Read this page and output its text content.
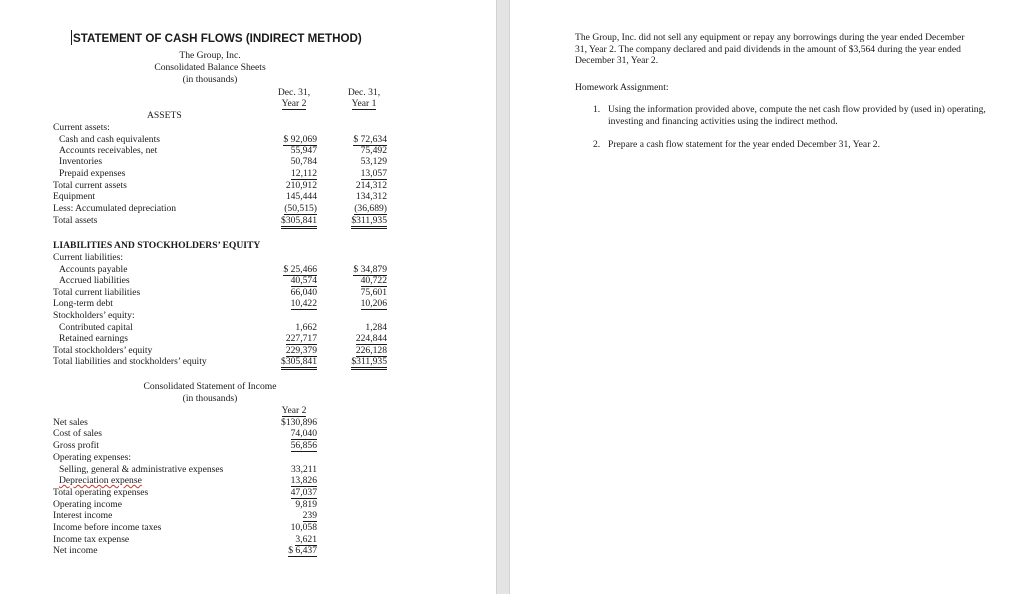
STATEMENT OF CASH FLOWS (INDIRECT METHOD)
The Group, Inc.
Consolidated Balance Sheets
(in thousands)
Dec. 31,
Year 2
Dec. 31,
Year 1
ASSETS
Current assets:
Cash and cash equivalents	$ 92,069	$ 72,634
Accounts receivables, net	55,947	75,492
Inventories	50,784	53,129
Prepaid expenses	12,112	13,057
Total current assets	210,912	214,312
Equipment	145,444	134,312
Less: Accumulated depreciation	(50,515)	(36,689)
Total assets	$305,841	$311,935
LIABILITIES AND STOCKHOLDERS’ EQUITY
Current liabilities:
Accounts payable	$ 25,466	$ 34,879
Accrued liabilities	40,574	40,722
Total current liabilities	66,040	75,601
Long-term debt	10,422	10,206
Stockholders’ equity:
Contributed capital	1,662	1,284
Retained earnings	227,717	224,844
Total stockholders’ equity	229,379	226,128
Total liabilities and stockholders’ equity	$305,841	$311,935
Consolidated Statement of Income
(in thousands)
Year 2
Net sales	$130,896
Cost of sales	74,040
Gross profit	56,856
Operating expenses:
Selling, general & administrative expenses	33,211
Depreciation expense	13,826
Total operating expenses	47,037
Operating income	9,819
Interest income	239
Income before income taxes	10,058
Income tax expense	3,621
Net income	$ 6,437
The Group, Inc. did not sell any equipment or repay any borrowings during the year ended December 31, Year 2. The company declared and paid dividends in the amount of $3,564 during the year ended December 31, Year 2.
Homework Assignment:
1. Using the information provided above, compute the net cash flow provided by (used in) operating, investing and financing activities using the indirect method.
2. Prepare a cash flow statement for the year ended December 31, Year 2.
